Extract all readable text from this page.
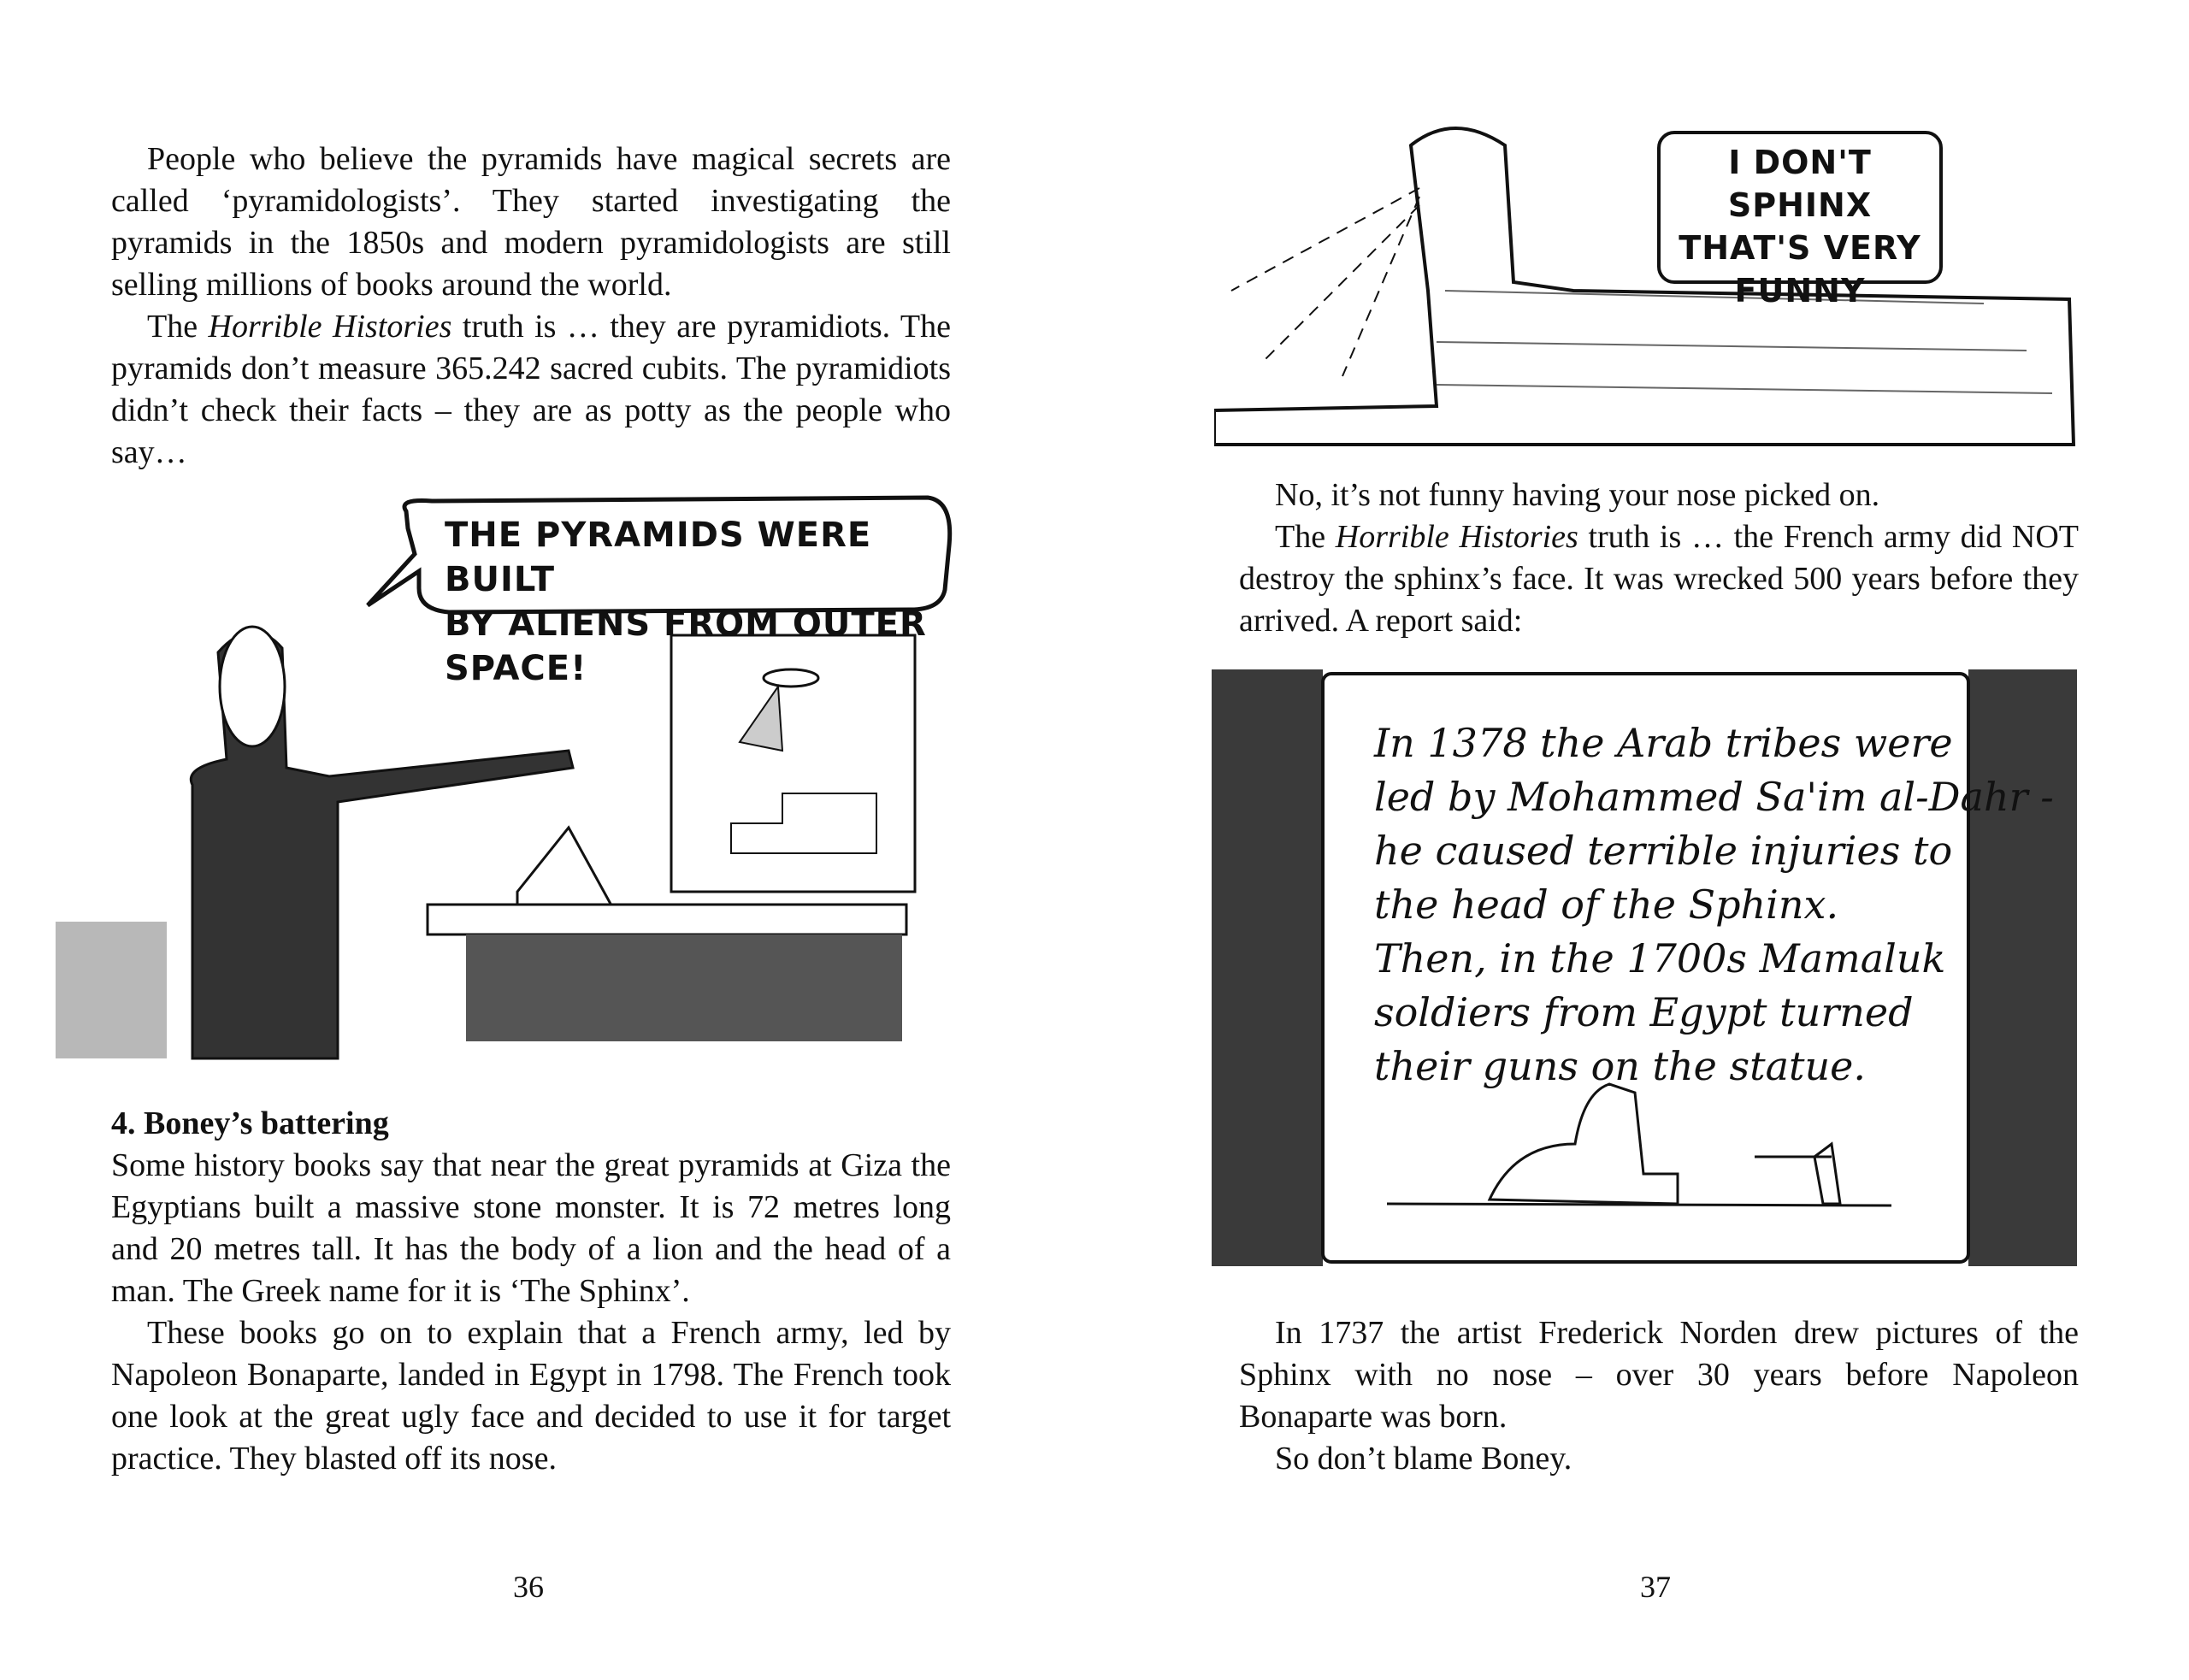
People who believe the pyramids have magical secrets are called ‘pyramidologists’. They started investigating the pyramids in the 1850s and modern pyramidologists are still selling millions of books around the world.

The Horrible Histories truth is … they are pyramidiots. The pyramids don’t measure 365.242 sacred cubits. The pyramidiots didn’t check their facts – they are as potty as the people who say…

THE PYRAMIDS WERE BUILT
BY ALIENS FROM OUTER SPACE!
4. Boney’s battering

Some history books say that near the great pyramids at Giza the Egyptians built a massive stone monster. It is 72 metres long and 20 metres tall. It has the body of a lion and the head of a man. The Greek name for it is ‘The Sphinx’.

These books go on to explain that a French army, led by Napoleon Bonaparte, landed in Egypt in 1798. The French took one look at the great ugly face and decided to use it for target practice. They blasted off its nose.

36
I DON'T SPHINX
THAT'S VERY
FUNNY

No, it’s not funny having your nose picked on.

The Horrible Histories truth is … the French army did NOT destroy the sphinx’s face. It was wrecked 500 years before they arrived. A report said:

In 1378 the Arab tribes were
led by Mohammed Sa'im al-Dahr -
he caused terrible injuries to
the head of the Sphinx.
Then, in the 1700s Mamaluk
soldiers from Egypt turned
their guns on the statue.

In 1737 the artist Frederick Norden drew pictures of the Sphinx with no nose – over 30 years before Napoleon Bonaparte was born.

So don’t blame Boney.

37
